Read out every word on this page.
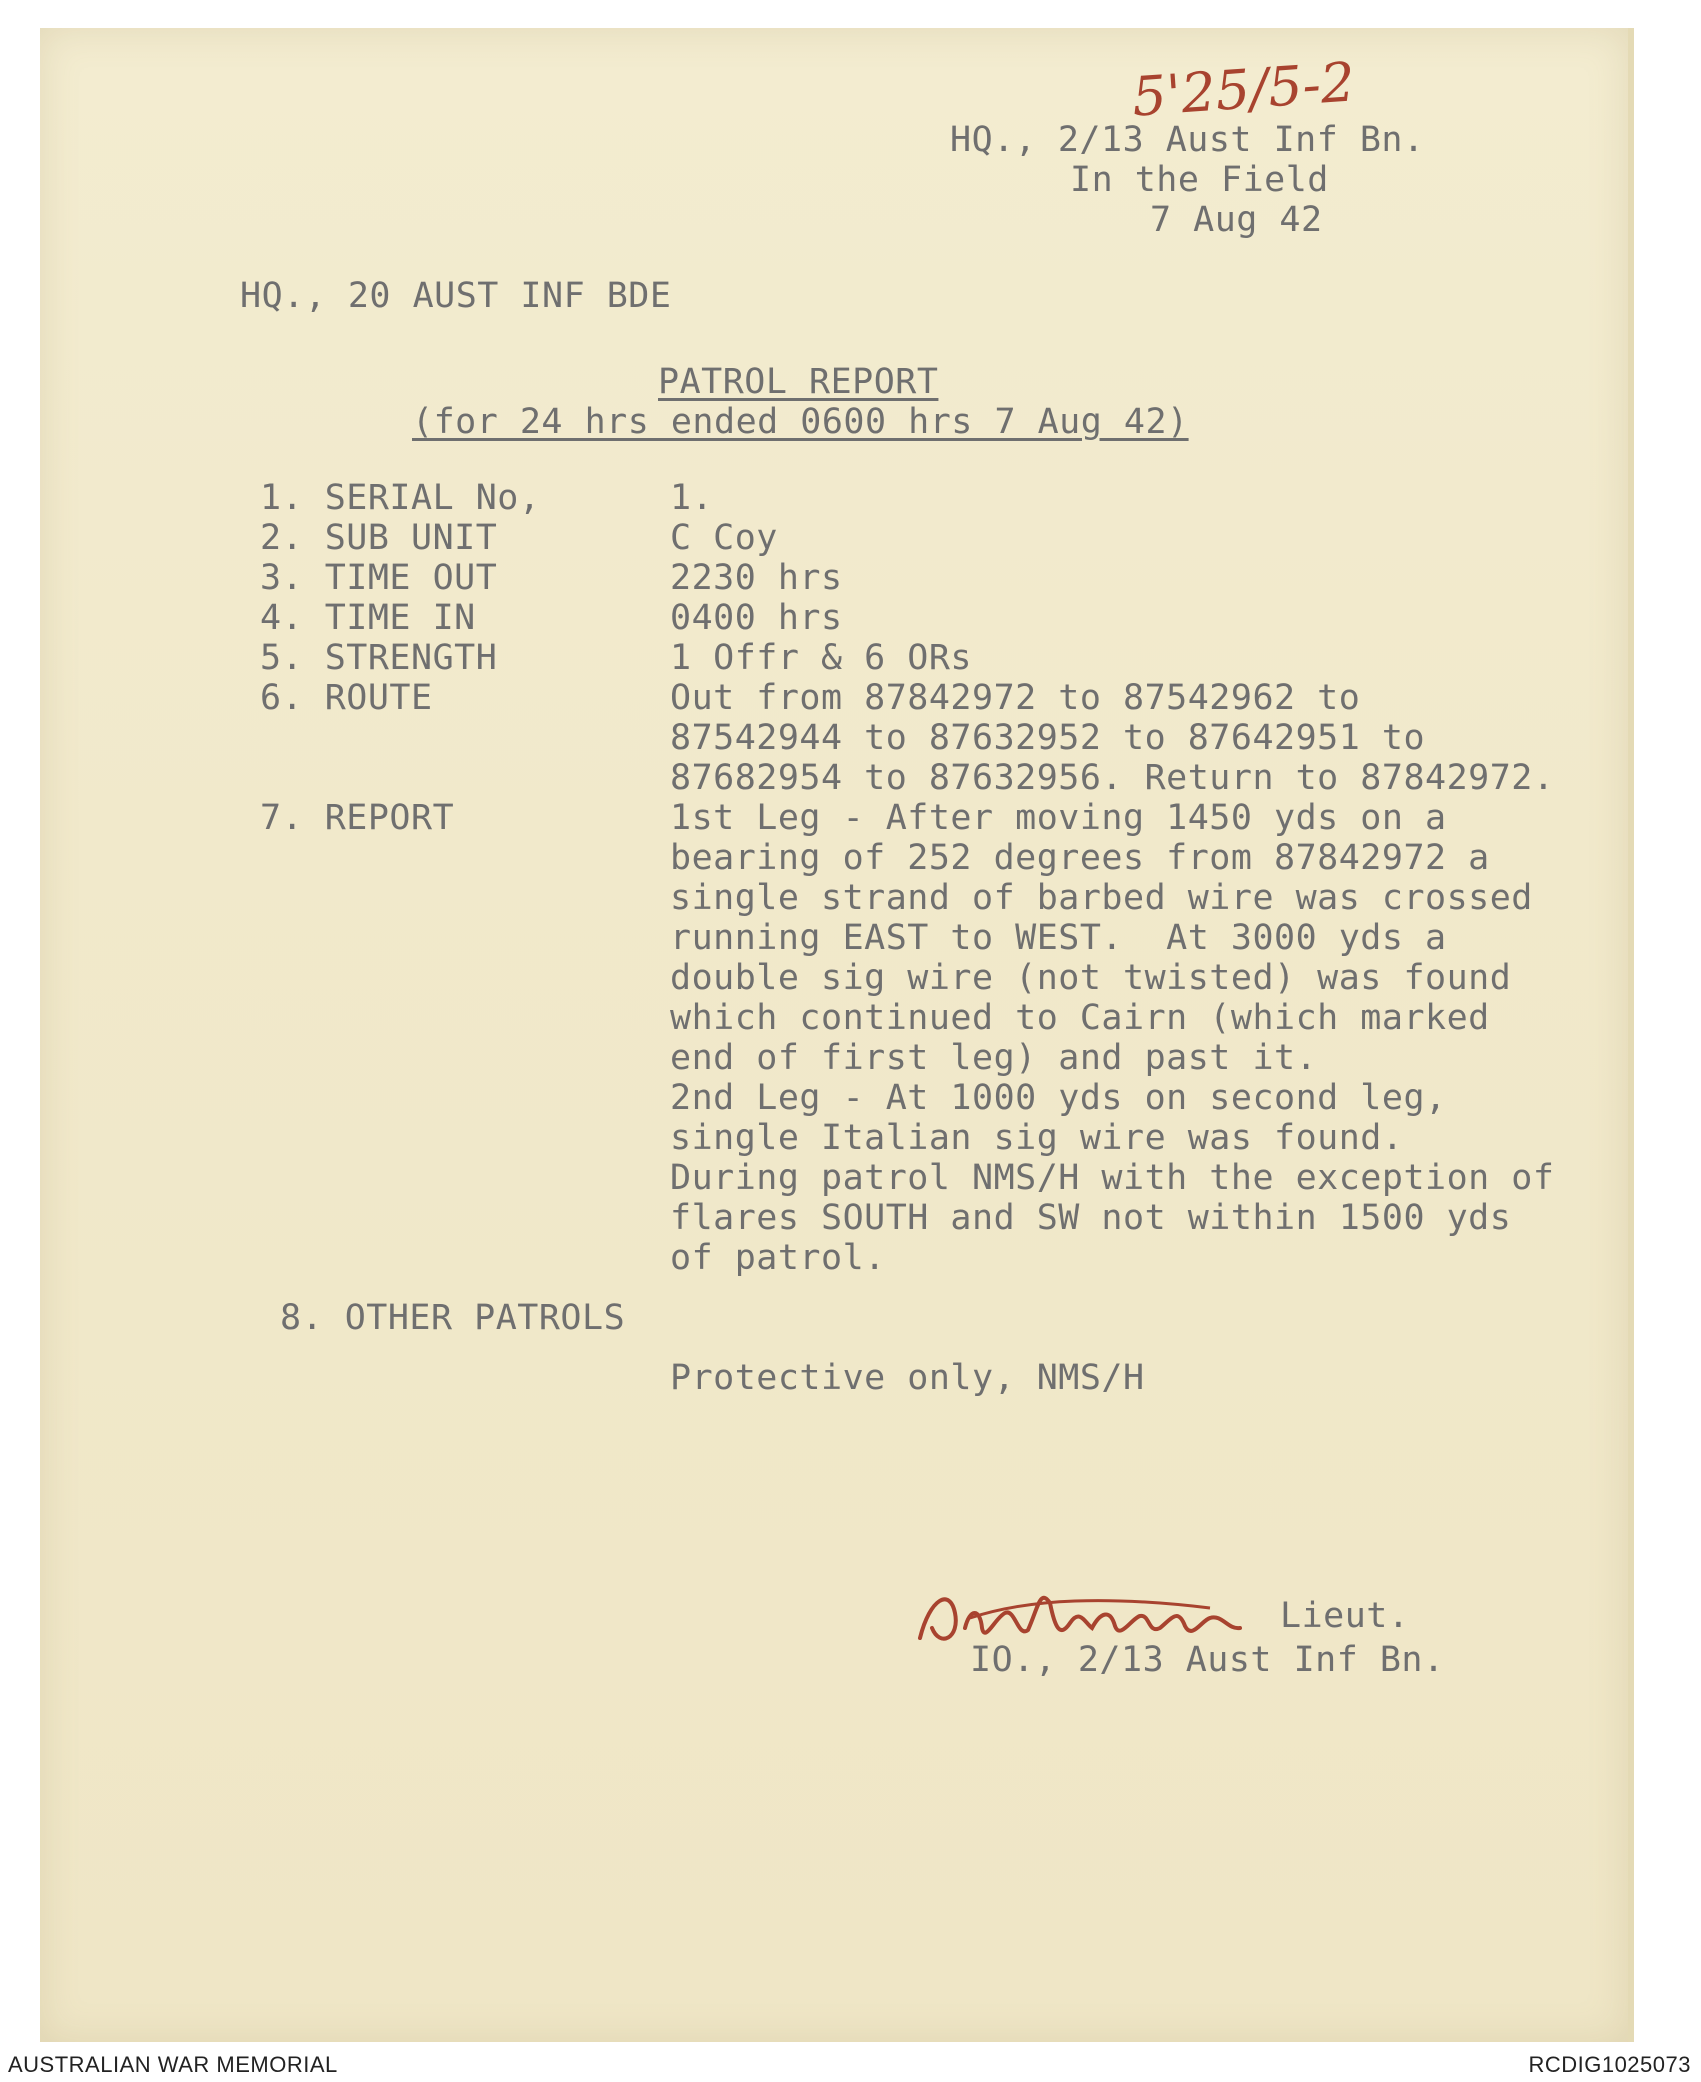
5'25/5-2
HQ., 2/13 Aust Inf Bn.
In the Field
7 Aug 42
HQ., 20 AUST INF BDE
PATROL REPORT
(for 24 hrs ended 0600 hrs 7 Aug 42)
1. SERIAL No,	1.
2. SUB UNIT	C Coy
3. TIME OUT	2230 hrs
4. TIME IN	0400 hrs
5. STRENGTH	1 Offr & 6 ORs
6. ROUTE	Out from 87842972 to 87542962 to
87542944 to 87632952 to 87642951 to
87682954 to 87632956. Return to 87842972.
7. REPORT	1st Leg - After moving 1450 yds on a
bearing of 252 degrees from 87842972 a
single strand of barbed wire was crossed
running EAST to WEST.  At 3000 yds a
double sig wire (not twisted) was found
which continued to Cairn (which marked
end of first leg) and past it.
2nd Leg - At 1000 yds on second leg,
single Italian sig wire was found.
During patrol NMS/H with the exception of
flares SOUTH and SW not within 1500 yds
of patrol.
8. OTHER PATROLS
Protective only, NMS/H
Lieut.
IO., 2/13 Aust Inf Bn.
AUSTRALIAN WAR MEMORIAL	RCDIG1025073
